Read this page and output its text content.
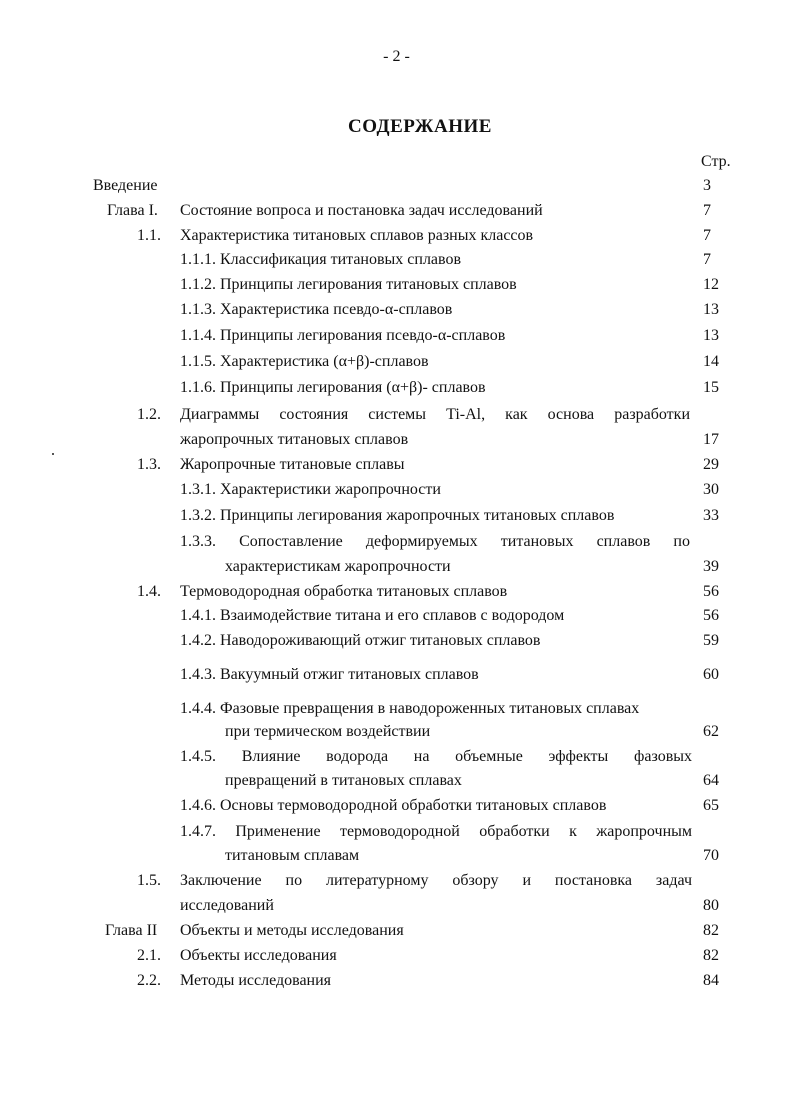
- 2 -
СОДЕРЖАНИЕ
Стр.
Введение .....	3
Глава I. Состояние вопроса и постановка задач исследований .....	7
1.1. Характеристика титановых сплавов разных классов .....	7
1.1.1. Классификация титановых сплавов .....	7
1.1.2. Принципы легирования титановых сплавов .....	12
1.1.3. Характеристика псевдо-α-сплавов .....	13
1.1.4. Принципы легирования псевдо-α-сплавов .....	13
1.1.5. Характеристика (α+β)-сплавов .....	14
1.1.6. Принципы легирования (α+β)- сплавов .....	15
1.2. Диаграммы состояния системы Ti-Al, как основа разработки
жаропрочных титановых сплавов .....	17
1.3. Жаропрочные титановые сплавы .....	29
1.3.1. Характеристики жаропрочности .....	30
1.3.2. Принципы легирования жаропрочных титановых сплавов .....	33
1.3.3. Сопоставление деформируемых титановых сплавов по
характеристикам жаропрочности .....	39
1.4. Термоводородная обработка титановых сплавов .....	56
1.4.1. Взаимодействие титана и его сплавов с водородом .....	56
1.4.2. Наводороживающий отжиг титановых сплавов .....	59
1.4.3. Вакуумный отжиг титановых сплавов .....	60
1.4.4. Фазовые превращения в наводороженных титановых сплавах .....
при термическом воздействии .....	62
1.4.5. Влияние водорода на объемные эффекты фазовых
превращений в титановых сплавах .....	64
1.4.6. Основы термоводородной обработки титановых сплавов .....	65
1.4.7. Применение термоводородной обработки к жаропрочным
титановым сплавам .....	70
1.5. Заключение по литературному обзору и постановка задач
исследований .....	80
Глава II Объекты и методы исследования .....	82
2.1. Объекты исследования .....	82
2.2. Методы исследования .....	84
